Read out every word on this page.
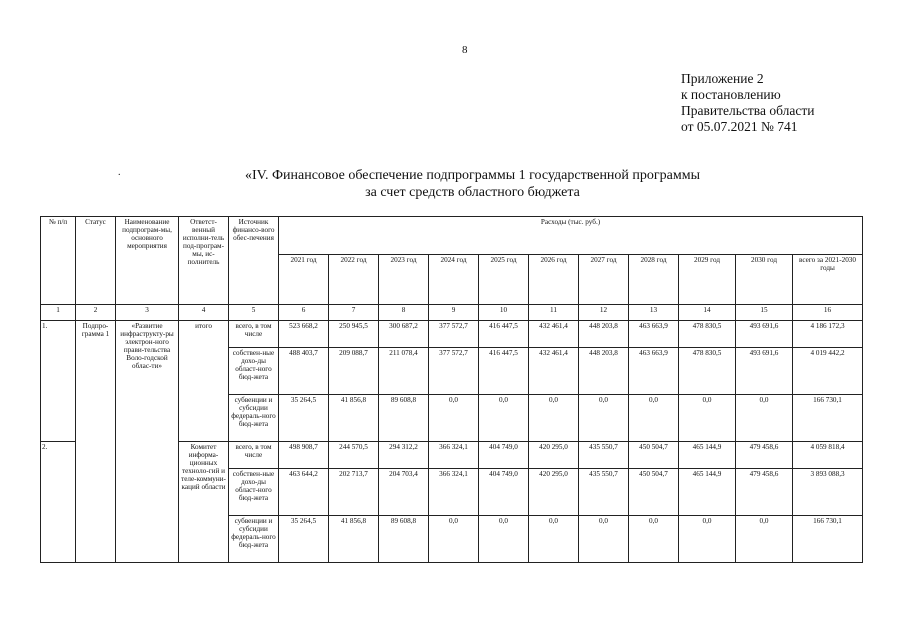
8
Приложение 2
к постановлению
Правительства области
от 05.07.2021 № 741
.	«IV. Финансовое обеспечение подпрограммы 1 государственной программы
за счет средств областного бюджета
№ п/п	Статус	Наименование подпрограм-мы, основного мероприятия	Ответст-венный исполни-тель под-програм-мы, ис-полнитель	Источник финансо-вого обес-печения	Расходы (тыс. руб.)										
					2021 год	2022 год	2023 год	2024 год	2025 год	2026 год	2027 год	2028 год	2029 год	2030 год	всего за 2021-2030 годы
1	2	3	4	5	6	7	8	9	10	11	12	13	14	15	16
1.	Подпро-грамма 1	«Развитие инфраструкту-ры электрон-ного прави-тельства Воло-годской облас-ти»	итого	всего, в том числе	523 668,2	250 945,5	300 687,2	377 572,7	416 447,5	432 461,4	448 203,8	463 663,9	478 830,5	493 691,6	4 186 172,3
				собствен-ные дохо-ды област-ного бюд-жета	488 403,7	209 088,7	211 078,4	377 572,7	416 447,5	432 461,4	448 203,8	463 663,9	478 830,5	493 691,6	4 019 442,2
				субвенции и субсидии федераль-ного бюд-жета	35 264,5	41 856,8	89 608,8	0,0	0,0	0,0	0,0	0,0	0,0	0,0	166 730,1
2.			Комитет информа-ционных техноло-гий и теле-коммуни-каций области	всего, в том числе	498 908,7	244 570,5	294 312,2	366 324,1	404 749,0	420 295,0	435 550,7	450 504,7	465 144,9	479 458,6	4 059 818,4
				собствен-ные дохо-ды област-ного бюд-жета	463 644,2	202 713,7	204 703,4	366 324,1	404 749,0	420 295,0	435 550,7	450 504,7	465 144,9	479 458,6	3 893 088,3
				субвенции и субсидии федераль-ного бюд-жета	35 264,5	41 856,8	89 608,8	0,0	0,0	0,0	0,0	0,0	0,0	0,0	166 730,1
